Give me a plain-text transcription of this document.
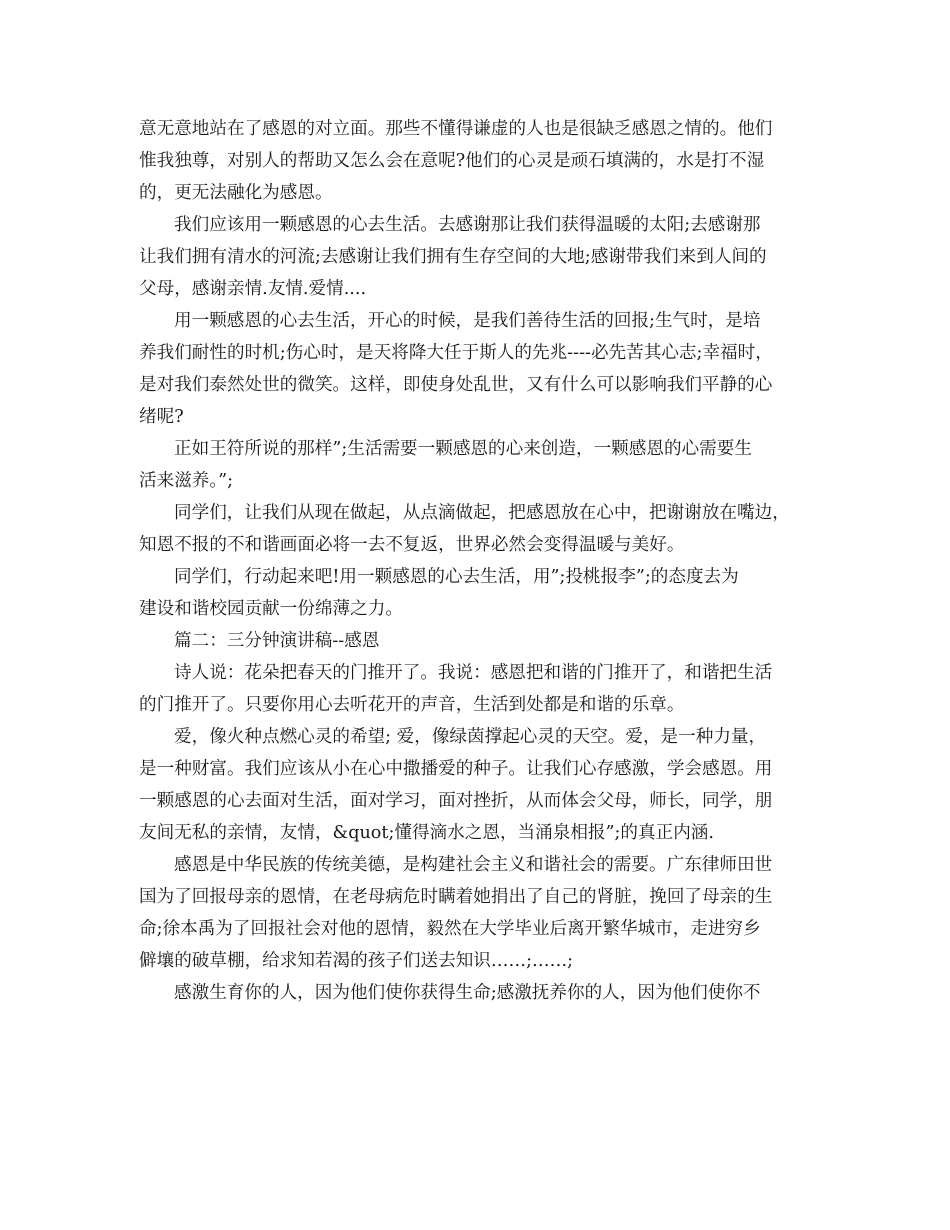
意无意地站在了感恩的对立面。那些不懂得谦虚的人也是很缺乏感恩之情的。他们
惟我独尊，对别人的帮助又怎么会在意呢?他们的心灵是顽石填满的，水是打不湿
的，更无法融化为感恩。
我们应该用一颗感恩的心去生活。去感谢那让我们获得温暖的太阳;去感谢那
让我们拥有清水的河流;去感谢让我们拥有生存空间的大地;感谢带我们来到人间的
父母，感谢亲情.友情.爱情....
用一颗感恩的心去生活，开心的时候，是我们善待生活的回报;生气时，是培
养我们耐性的时机;伤心时，是天将降大任于斯人的先兆----必先苦其心志;幸福时，
是对我们泰然处世的微笑。这样，即使身处乱世，又有什么可以影响我们平静的心
绪呢?
正如王符所说的那样”;生活需要一颗感恩的心来创造，一颗感恩的心需要生
活来滋养。”;
同学们，让我们从现在做起，从点滴做起，把感恩放在心中，把谢谢放在嘴边，
知恩不报的不和谐画面必将一去不复返，世界必然会变得温暖与美好。
同学们，行动起来吧!用一颗感恩的心去生活，用”;投桃报李”;的态度去为
建设和谐校园贡献一份绵薄之力。
篇二：三分钟演讲稿--感恩
诗人说：花朵把春天的门推开了。我说：感恩把和谐的门推开了，和谐把生活
的门推开了。只要你用心去听花开的声音，生活到处都是和谐的乐章。
爱，像火种点燃心灵的希望; 爱，像绿茵撑起心灵的天空。爱，是一种力量，
是一种财富。我们应该从小在心中撒播爱的种子。让我们心存感激，学会感恩。用
一颗感恩的心去面对生活，面对学习，面对挫折，从而体会父母，师长，同学，朋
友间无私的亲情，友情，&quot;懂得滴水之恩，当涌泉相报”;的真正内涵.
感恩是中华民族的传统美德，是构建社会主义和谐社会的需要。广东律师田世
国为了回报母亲的恩情，在老母病危时瞒着她捐出了自己的肾脏，挽回了母亲的生
命;徐本禹为了回报社会对他的恩情，毅然在大学毕业后离开繁华城市，走进穷乡
僻壤的破草棚，给求知若渴的孩子们送去知识……;……;
感激生育你的人，因为他们使你获得生命;感激抚养你的人，因为他们使你不
